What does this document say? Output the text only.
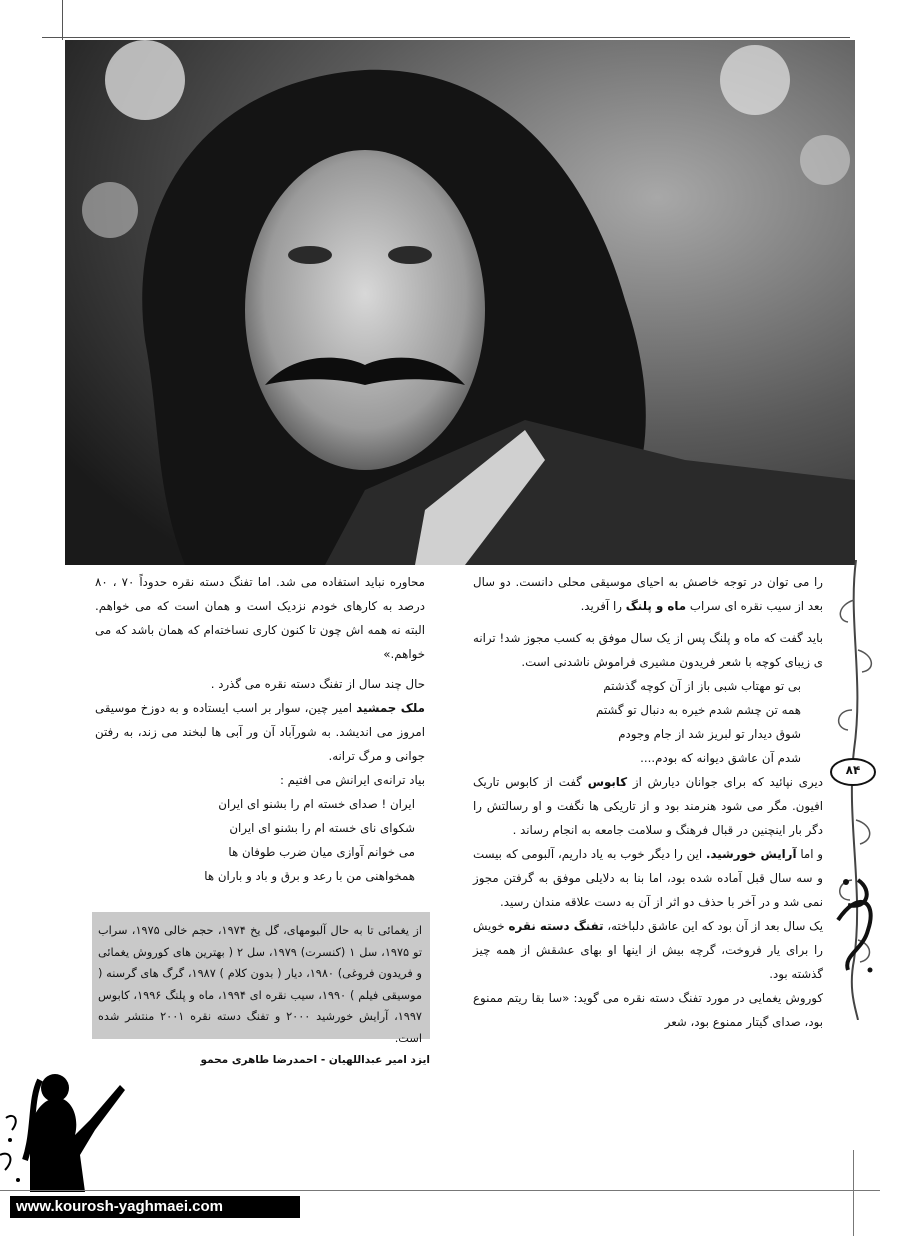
را می توان در توجه خاصش به احیای موسیقی محلی دانست. دو سال بعد از سیب نقره ای سراب ماه و پلنگ را آفرید.

باید گفت که ماه و پلنگ پس از یک سال موفق به کسب مجوز شد! ترانه ی زیبای کوچه با شعر فریدون مشیری فراموش ناشدنی است.

بی تو مهتاب شبی باز از آن کوچه گذشتم
همه تن چشم شدم خیره به دنبال تو گشتم
شوق دیدار تو لبریز شد از جام وجودم
شدم آن عاشق دیوانه که بودم....

دیری نپائید که برای جوانان دیارش از کابوس گفت از کابوس تاریک افیون. مگر می شود هنرمند بود و از تاریکی ها نگفت و او رسالتش را دگر بار اینچنین در قبال فرهنگ و سلامت جامعه به انجام رساند .

و اما آرایش خورشید. این را دیگر خوب به یاد داریم، آلبومی که بیست و سه سال قبل آماده شده بود، اما بنا به دلایلی موفق به گرفتن مجوز نمی شد و در آخر با حذف دو اثر از آن به دست علاقه مندان رسید.

یک سال بعد از آن بود که این عاشق دلباخته، تفنگ دسته نقره خویش را برای یار فروخت، گرچه بیش از اینها او بهای عشقش از همه چیز گذشته بود.

کوروش یغمایی در مورد تفنگ دسته نقره می گوید: «سا بقا ریتم ممنوع بود، صدای گیتار ممنوع بود، شعر

محاوره نباید استفاده می شد. اما تفنگ دسته نقره حدوداً ۷۰ ، ۸۰ درصد به کارهای خودم نزدیک است و همان است که می خواهم. البته نه همه اش چون تا کنون کاری نساخته‌ام که همان باشد که می خواهم.»

حال چند سال از تفنگ دسته نقره می گذرد .

ملک جمشید امیر چین، سوار بر اسب ایستاده و به دوزخ موسیقی امروز می اندیشد. به شورآباد آن ور آبی ها لبخند می زند، به رفتن جوانی و مرگ ترانه.

بیاد ترانه‌ی ایرانش می افتیم :

ایران ! صدای خسته ام را بشنو ای ایران
شکوای نای خسته ام را بشنو ای ایران
می خوانم آوازی میان ضرب طوفان ها
همخواهنی من با رعد و برق و باد و باران ها
از یغمائی تا به حال آلبومهای، گل یخ ۱۹۷۴، حجم خالی ۱۹۷۵، سراب تو ۱۹۷۵، سل ۱ (کنسرت) ۱۹۷۹، سل ۲ ( بهترین های کوروش یغمائی و فریدون فروغی) ۱۹۸۰، دیار ( بدون کلام ) ۱۹۸۷، گرگ های گرسنه ( موسیقی فیلم ) ۱۹۹۰، سیب نقره ای ۱۹۹۴، ماه و پلنگ ۱۹۹۶، کابوس ۱۹۹۷، آرایش خورشید ۲۰۰۰ و تفنگ دسته نقره ۲۰۰۱ منتشر شده است.
ایزد امیر عبداللهیان - احمدرضا طاهری محمو
۸۴
www.kourosh-yaghmaei.com
